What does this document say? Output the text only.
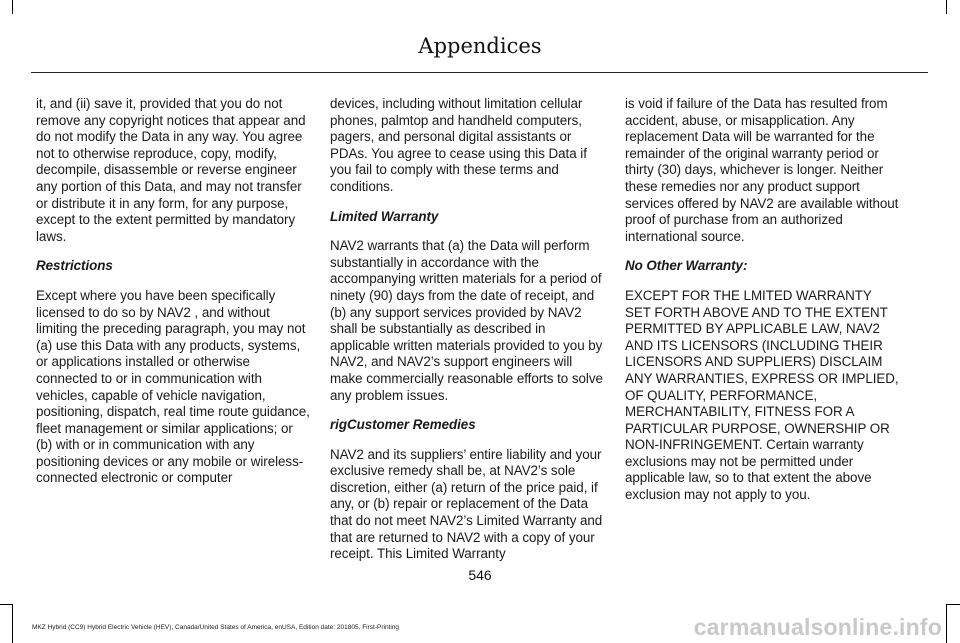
Appendices

it, and (ii) save it, provided that you do not remove any copyright notices that appear and do not modify the Data in any way. You agree not to otherwise reproduce, copy, modify, decompile, disassemble or reverse engineer any portion of this Data, and may not transfer or distribute it in any form, for any purpose, except to the extent permitted by mandatory laws.

Restrictions

Except where you have been specifically licensed to do so by NAV2 , and without limiting the preceding paragraph, you may not (a) use this Data with any products, systems, or applications installed or otherwise connected to or in communication with vehicles, capable of vehicle navigation, positioning, dispatch, real time route guidance, fleet management or similar applications; or (b) with or in communication with any positioning devices or any mobile or wireless-connected electronic or computer

devices, including without limitation cellular phones, palmtop and handheld computers, pagers, and personal digital assistants or PDAs. You agree to cease using this Data if you fail to comply with these terms and conditions.

Limited Warranty

NAV2 warrants that (a) the Data will perform substantially in accordance with the accompanying written materials for a period of ninety (90) days from the date of receipt, and (b) any support services provided by NAV2 shall be substantially as described in applicable written materials provided to you by NAV2, and NAV2’s support engineers will make commercially reasonable efforts to solve any problem issues.

rigCustomer Remedies

NAV2 and its suppliers’ entire liability and your exclusive remedy shall be, at NAV2’s sole discretion, either (a) return of the price paid, if any, or (b) repair or replacement of the Data that do not meet NAV2’s Limited Warranty and that are returned to NAV2 with a copy of your receipt. This Limited Warranty

is void if failure of the Data has resulted from accident, abuse, or misapplication. Any replacement Data will be warranted for the remainder of the original warranty period or thirty (30) days, whichever is longer. Neither these remedies nor any product support services offered by NAV2 are available without proof of purchase from an authorized international source.

No Other Warranty:

EXCEPT FOR THE LMITED WARRANTY SET FORTH ABOVE AND TO THE EXTENT PERMITTED BY APPLICABLE LAW, NAV2 AND ITS LICENSORS (INCLUDING THEIR LICENSORS AND SUPPLIERS) DISCLAIM ANY WARRANTIES, EXPRESS OR IMPLIED, OF QUALITY, PERFORMANCE, MERCHANTABILITY, FITNESS FOR A PARTICULAR PURPOSE, OWNERSHIP OR NON-INFRINGEMENT. Certain warranty exclusions may not be permitted under applicable law, so to that extent the above exclusion may not apply to you.

546
MKZ Hybrid (CC9) Hybrid Electric Vehicle (HEV), Canada/United States of America, enUSA, Edition date: 201805, First-Printing	carmanualsonline.info
